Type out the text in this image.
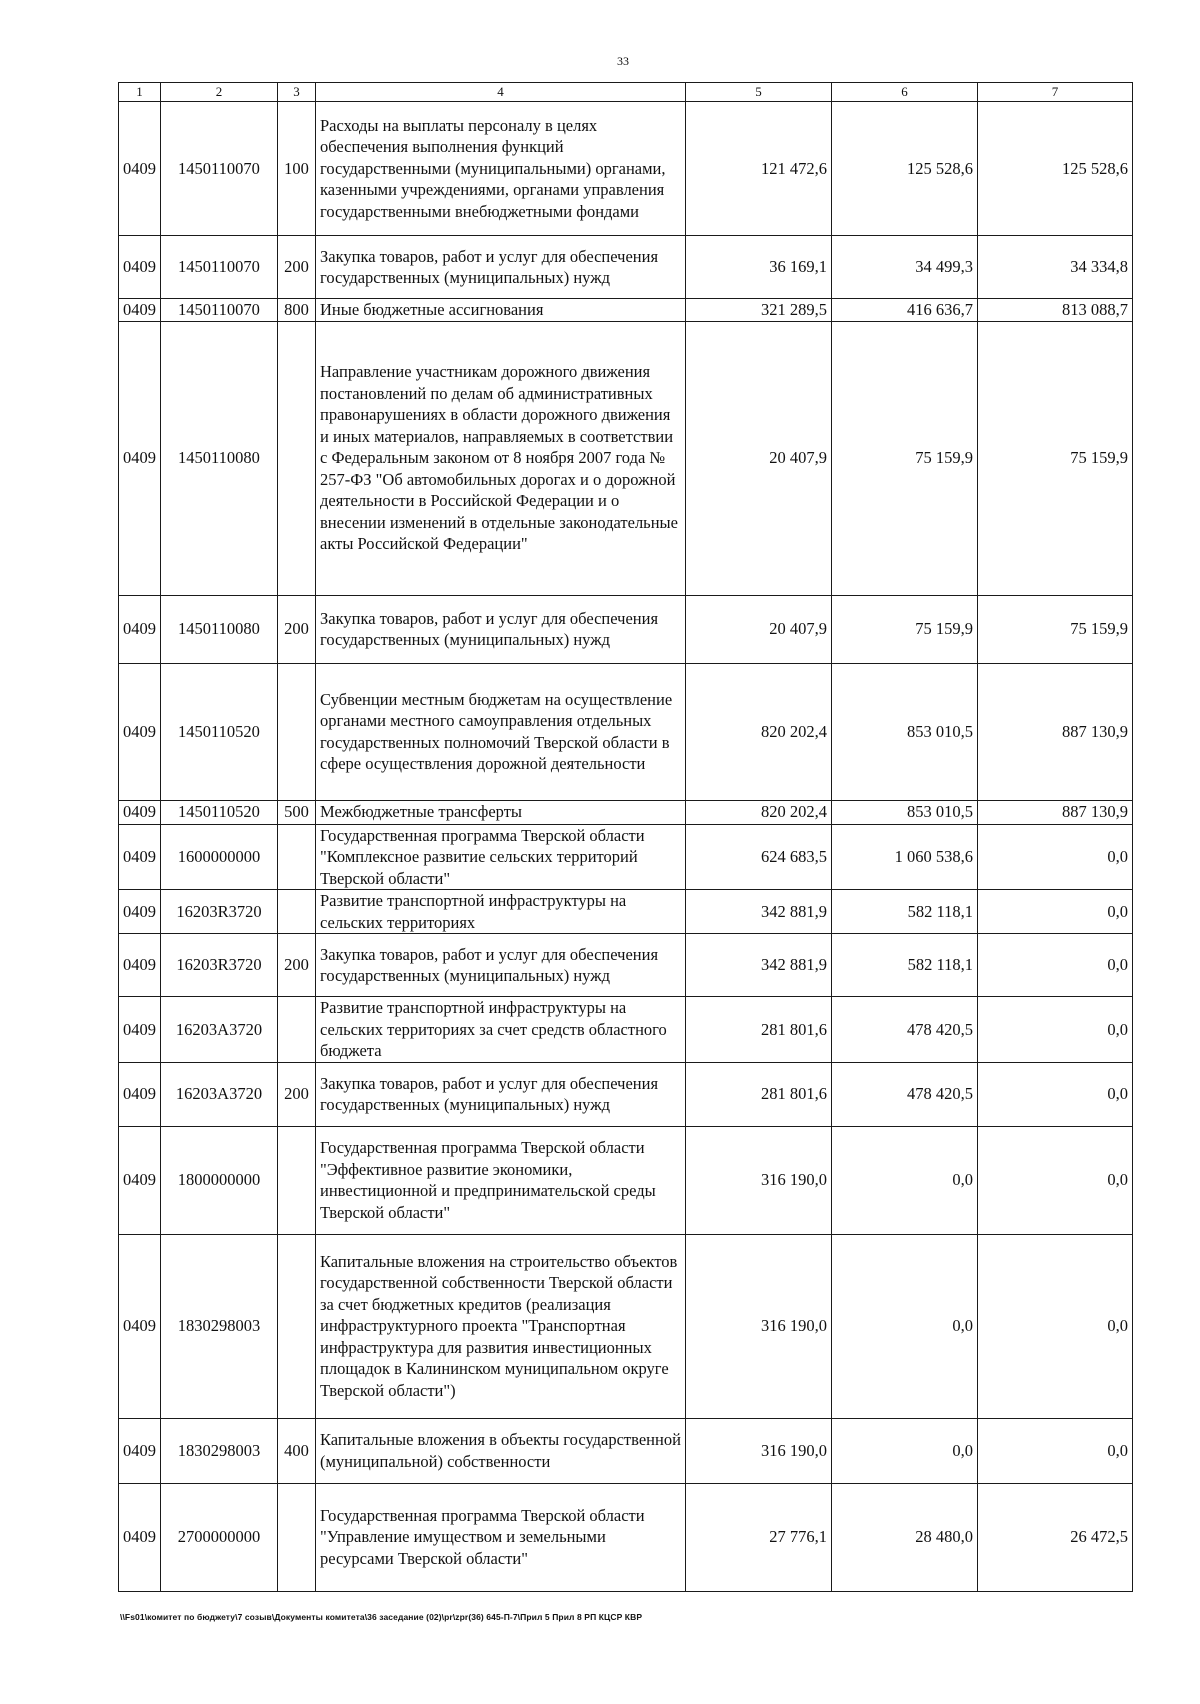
33
1	2	3	4	5	6	7
0409	1450110070	100	Расходы на выплаты персоналу в целях обеспечения выполнения функций государственными (муниципальными) органами, казенными учреждениями, органами управления государственными внебюджетными фондами	121 472,6	125 528,6	125 528,6
0409	1450110070	200	Закупка товаров, работ и услуг для обеспечения государственных (муниципальных) нужд	36 169,1	34 499,3	34 334,8
0409	1450110070	800	Иные бюджетные ассигнования	321 289,5	416 636,7	813 088,7
0409	1450110080		Направление участникам дорожного движения постановлений по делам об административных правонарушениях в области дорожного движения и иных материалов, направляемых в соответствии с Федеральным законом от 8 ноября 2007 года № 257-ФЗ "Об автомобильных дорогах и о дорожной деятельности в Российской Федерации и о внесении изменений в отдельные законодательные акты Российской Федерации"	20 407,9	75 159,9	75 159,9
0409	1450110080	200	Закупка товаров, работ и услуг для обеспечения государственных (муниципальных) нужд	20 407,9	75 159,9	75 159,9
0409	1450110520		Субвенции местным бюджетам на осуществление органами местного самоуправления отдельных государственных полномочий Тверской области в сфере осуществления дорожной деятельности	820 202,4	853 010,5	887 130,9
0409	1450110520	500	Межбюджетные трансферты	820 202,4	853 010,5	887 130,9
0409	1600000000		Государственная программа Тверской области "Комплексное развитие сельских территорий Тверской области"	624 683,5	1 060 538,6	0,0
0409	16203R3720		Развитие транспортной инфраструктуры на сельских территориях	342 881,9	582 118,1	0,0
0409	16203R3720	200	Закупка товаров, работ и услуг для обеспечения государственных (муниципальных) нужд	342 881,9	582 118,1	0,0
0409	16203A3720		Развитие транспортной инфраструктуры на сельских территориях за счет средств областного бюджета	281 801,6	478 420,5	0,0
0409	16203A3720	200	Закупка товаров, работ и услуг для обеспечения государственных (муниципальных) нужд	281 801,6	478 420,5	0,0
0409	1800000000		Государственная программа Тверской области "Эффективное развитие экономики, инвестиционной и предпринимательской среды Тверской области"	316 190,0	0,0	0,0
0409	1830298003		Капитальные вложения на строительство объектов государственной собственности Тверской области за счет бюджетных кредитов (реализация инфраструктурного проекта "Транспортная инфраструктура для развития инвестиционных площадок в Калининском муниципальном округе Тверской области")	316 190,0	0,0	0,0
0409	1830298003	400	Капитальные вложения в объекты государственной (муниципальной) собственности	316 190,0	0,0	0,0
0409	2700000000		Государственная программа Тверской области "Управление имуществом и земельными ресурсами Тверской области"	27 776,1	28 480,0	26 472,5
\\Fs01\комитет по бюджету\7 созыв\Документы комитета\36 заседание (02)\pr\zpr(36) 645-П-7\Прил 5 Прил 8 РП КЦСР КВР
